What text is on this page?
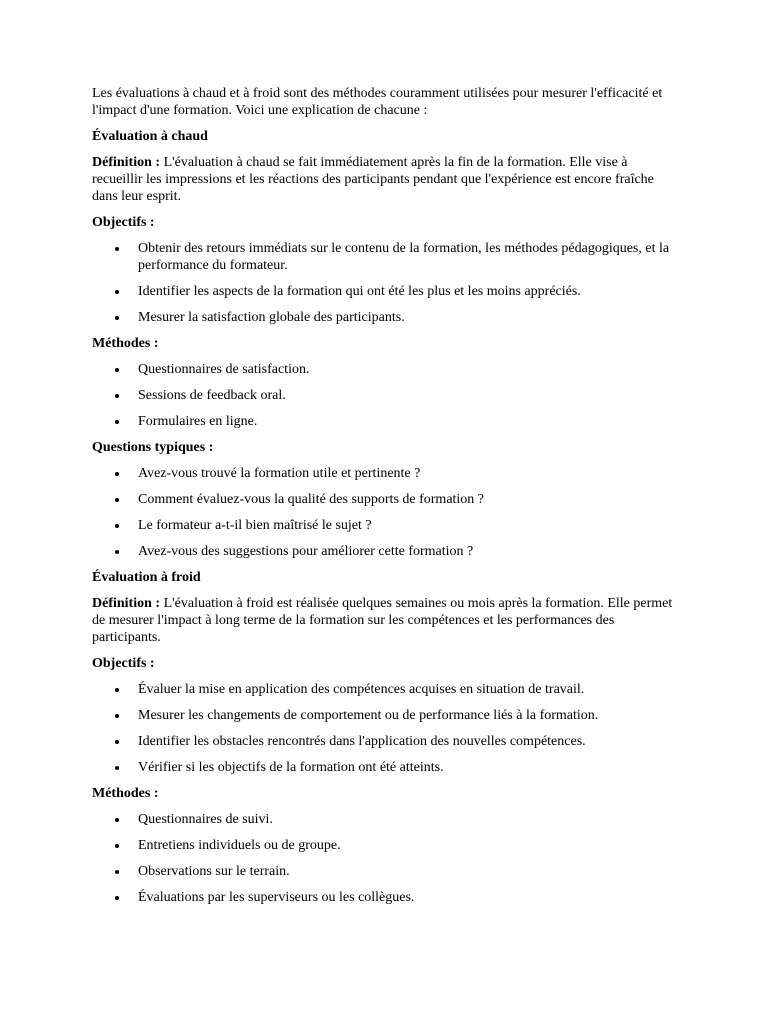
Les évaluations à chaud et à froid sont des méthodes couramment utilisées pour mesurer l'efficacité et l'impact d'une formation. Voici une explication de chacune :

Évaluation à chaud

Définition : L'évaluation à chaud se fait immédiatement après la fin de la formation. Elle vise à recueillir les impressions et les réactions des participants pendant que l'expérience est encore fraîche dans leur esprit.

Objectifs :
Obtenir des retours immédiats sur le contenu de la formation, les méthodes pédagogiques, et la performance du formateur.
Identifier les aspects de la formation qui ont été les plus et les moins appréciés.
Mesurer la satisfaction globale des participants.
Méthodes :
Questionnaires de satisfaction.
Sessions de feedback oral.
Formulaires en ligne.
Questions typiques :
Avez-vous trouvé la formation utile et pertinente ?
Comment évaluez-vous la qualité des supports de formation ?
Le formateur a-t-il bien maîtrisé le sujet ?
Avez-vous des suggestions pour améliorer cette formation ?
Évaluation à froid

Définition : L'évaluation à froid est réalisée quelques semaines ou mois après la formation. Elle permet de mesurer l'impact à long terme de la formation sur les compétences et les performances des participants.

Objectifs :
Évaluer la mise en application des compétences acquises en situation de travail.
Mesurer les changements de comportement ou de performance liés à la formation.
Identifier les obstacles rencontrés dans l'application des nouvelles compétences.
Vérifier si les objectifs de la formation ont été atteints.
Méthodes :
Questionnaires de suivi.
Entretiens individuels ou de groupe.
Observations sur le terrain.
Évaluations par les superviseurs ou les collègues.
